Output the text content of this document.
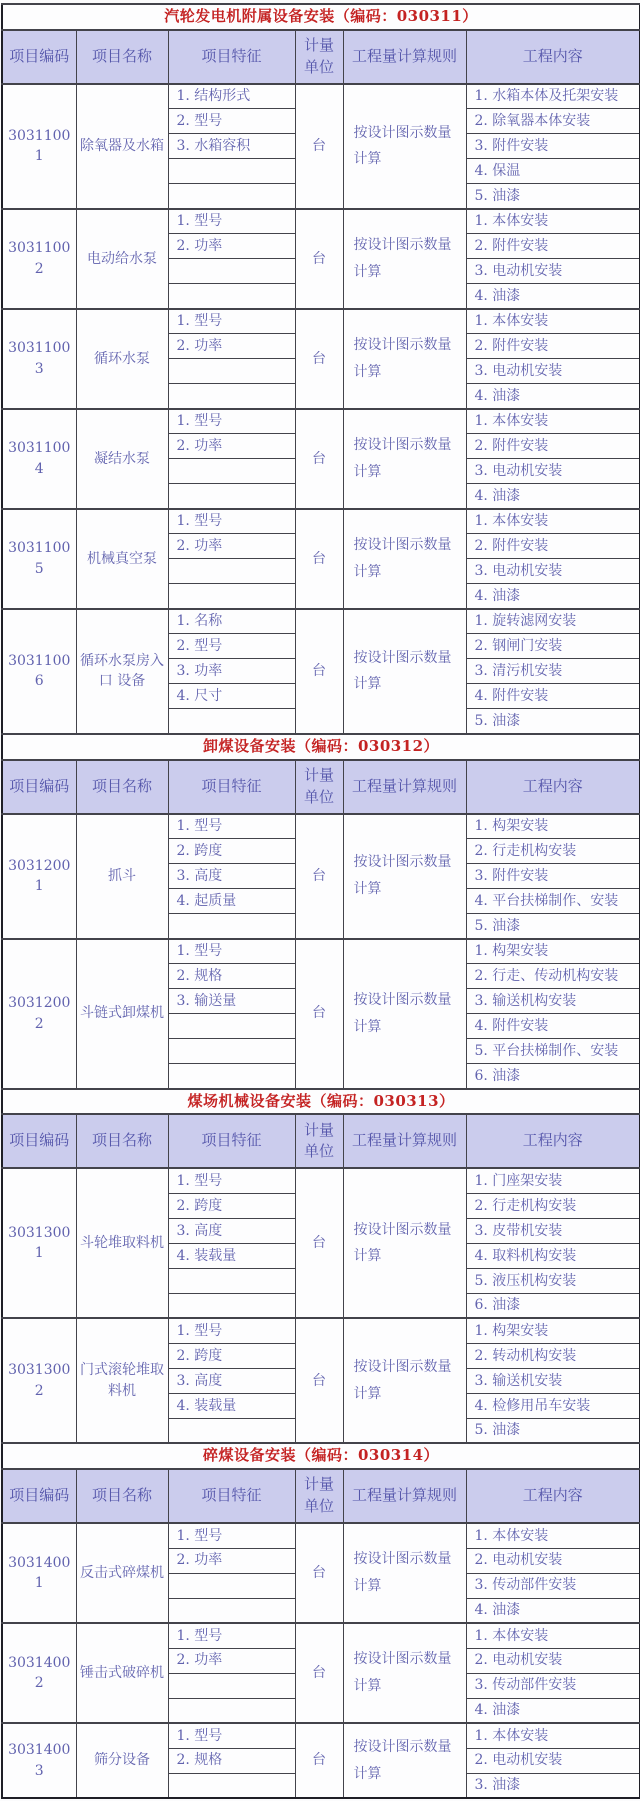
汽轮发电机附属设备安装（编码：030311）					
项目编码	项目名称	项目特征	计量单位	工程量计算规则	工程内容
30311001	除氧器及水箱	1. 结构形式	台	按设计图示数量计算	1. 水箱本体及托架安装
		2. 型号			2. 除氧器本体安装
		3. 水箱容积			3. 附件安装
					4. 保温
					5. 油漆
30311002	电动给水泵	1. 型号	台	按设计图示数量计算	1. 本体安装
		2. 功率			2. 附件安装
					3. 电动机安装
					4. 油漆
30311003	循环水泵	1. 型号	台	按设计图示数量计算	1. 本体安装
		2. 功率			2. 附件安装
					3. 电动机安装
					4. 油漆
30311004	凝结水泵	1. 型号	台	按设计图示数量计算	1. 本体安装
		2. 功率			2. 附件安装
					3. 电动机安装
					4. 油漆
30311005	机械真空泵	1. 型号	台	按设计图示数量计算	1. 本体安装
		2. 功率			2. 附件安装
					3. 电动机安装
					4. 油漆
30311006	循环水泵房入口 设备	1. 名称	台	按设计图示数量计算	1. 旋转滤网安装
		2. 型号			2. 钢闸门安装
		3. 功率			3. 清污机安装
		4. 尺寸			4. 附件安装
					5. 油漆
卸煤设备安装（编码：030312）					
项目编码	项目名称	项目特征	计量单位	工程量计算规则	工程内容
30312001	抓斗	1. 型号	台	按设计图示数量计算	1. 构架安装
		2. 跨度			2. 行走机构安装
		3. 高度			3. 附件安装
		4. 起质量			4. 平台扶梯制作、安装
					5. 油漆
30312002	斗链式卸煤机	1. 型号	台	按设计图示数量计算	1. 构架安装
		2. 规格			2. 行走、传动机构安装
		3. 输送量			3. 输送机构安装
					4. 附件安装
					5. 平台扶梯制作、安装
					6. 油漆
煤场机械设备安装（编码：030313）					
项目编码	项目名称	项目特征	计量单位	工程量计算规则	工程内容
30313001	斗轮堆取料机	1. 型号	台	按设计图示数量计算	1. 门座架安装
		2. 跨度			2. 行走机构安装
		3. 高度			3. 皮带机安装
		4. 装载量			4. 取料机构安装
					5. 液压机构安装
					6. 油漆
30313002	门式滚轮堆取料机	1. 型号	台	按设计图示数量计算	1. 构架安装
		2. 跨度			2. 转动机构安装
		3. 高度			3. 输送机安装
		4. 装载量			4. 检修用吊车安装
					5. 油漆
碎煤设备安装（编码：030314）					
项目编码	项目名称	项目特征	计量单位	工程量计算规则	工程内容
30314001	反击式碎煤机	1. 型号	台	按设计图示数量计算	1. 本体安装
		2. 功率			2. 电动机安装
					3. 传动部件安装
					4. 油漆
30314002	锤击式破碎机	1. 型号	台	按设计图示数量计算	1. 本体安装
		2. 功率			2. 电动机安装
					3. 传动部件安装
					4. 油漆
30314003	筛分设备	1. 型号	台	按设计图示数量计算	1. 本体安装
		2. 规格			2. 电动机安装
					3. 油漆
